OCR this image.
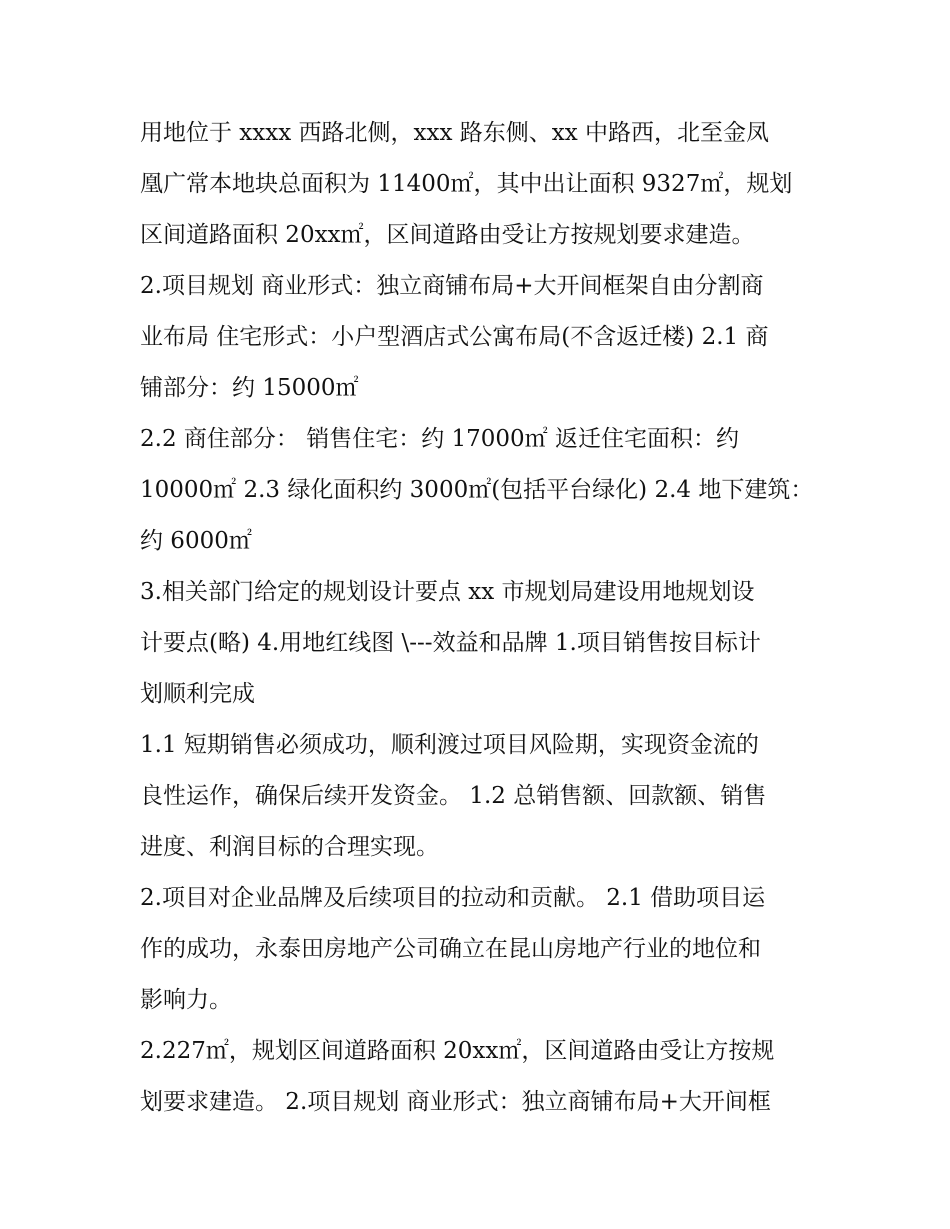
用地位于 xxxx 西路北侧，xxx 路东侧、xx 中路西，北至金凤
凰广常本地块总面积为 11400㎡，其中出让面积 9327㎡，规划
区间道路面积 20xx㎡，区间道路由受让方按规划要求建造。
2.项目规划 商业形式：独立商铺布局+大开间框架自由分割商
业布局 住宅形式：小户型酒店式公寓布局(不含返迁楼) 2.1 商
铺部分：约 15000㎡
2.2 商住部分： 销售住宅：约 17000㎡ 返迁住宅面积：约
10000㎡ 2.3 绿化面积约 3000㎡(包括平台绿化) 2.4 地下建筑：
约 6000㎡
3.相关部门给定的规划设计要点 xx 市规划局建设用地规划设
计要点(略) 4.用地红线图 \---效益和品牌 1.项目销售按目标计
划顺利完成
1.1 短期销售必须成功，顺利渡过项目风险期，实现资金流的
良性运作，确保后续开发资金。 1.2 总销售额、回款额、销售
进度、利润目标的合理实现。
2.项目对企业品牌及后续项目的拉动和贡献。 2.1 借助项目运
作的成功，永泰田房地产公司确立在昆山房地产行业的地位和
影响力。
2.227㎡，规划区间道路面积 20xx㎡，区间道路由受让方按规
划要求建造。 2.项目规划 商业形式：独立商铺布局+大开间框
